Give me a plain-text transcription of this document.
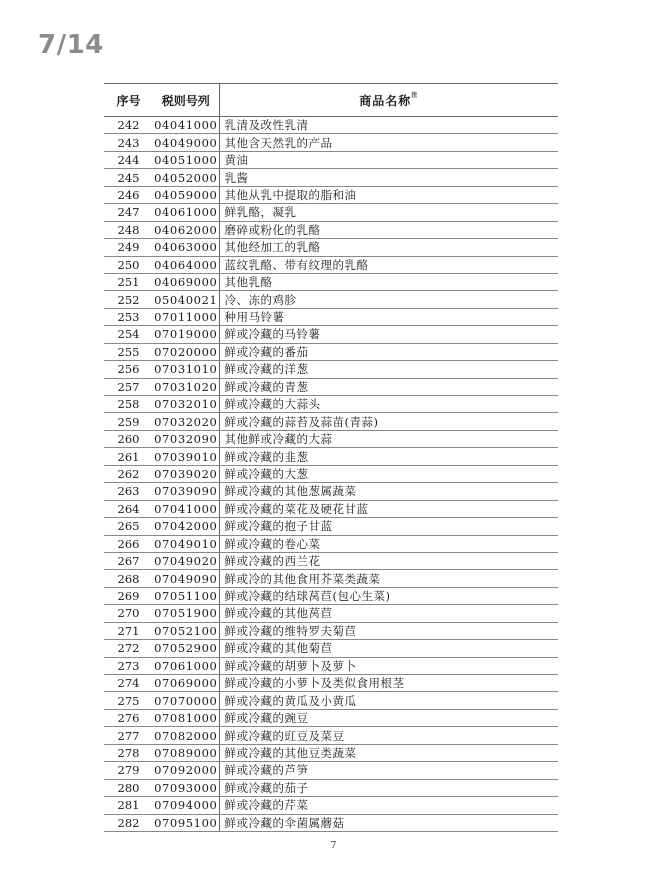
7/14
序号	税则号列	商品名称$^注$
242	04041000	乳清及改性乳清
243	04049000	其他含天然乳的产品
244	04051000	黄油
245	04052000	乳酱
246	04059000	其他从乳中提取的脂和油
247	04061000	鲜乳酪，凝乳
248	04062000	磨碎或粉化的乳酪
249	04063000	其他经加工的乳酪
250	04064000	蓝纹乳酪、带有纹理的乳酪
251	04069000	其他乳酪
252	05040021	冷、冻的鸡胗
253	07011000	种用马铃薯
254	07019000	鲜或冷藏的马铃薯
255	07020000	鲜或冷藏的番茄
256	07031010	鲜或冷藏的洋葱
257	07031020	鲜或冷藏的青葱
258	07032010	鲜或冷藏的大蒜头
259	07032020	鲜或冷藏的蒜苔及蒜苗(青蒜)
260	07032090	其他鲜或冷藏的大蒜
261	07039010	鲜或冷藏的韭葱
262	07039020	鲜或冷藏的大葱
263	07039090	鲜或冷藏的其他葱属蔬菜
264	07041000	鲜或冷藏的菜花及硬花甘蓝
265	07042000	鲜或冷藏的抱子甘蓝
266	07049010	鲜或冷藏的卷心菜
267	07049020	鲜或冷藏的西兰花
268	07049090	鲜或冷的其他食用芥菜类蔬菜
269	07051100	鲜或冷藏的结球莴苣(包心生菜)
270	07051900	鲜或冷藏的其他莴苣
271	07052100	鲜或冷藏的维特罗夫菊苣
272	07052900	鲜或冷藏的其他菊苣
273	07061000	鲜或冷藏的胡萝卜及萝卜
274	07069000	鲜或冷藏的小萝卜及类似食用根茎
275	07070000	鲜或冷藏的黄瓜及小黄瓜
276	07081000	鲜或冷藏的豌豆
277	07082000	鲜或冷藏的豇豆及菜豆
278	07089000	鲜或冷藏的其他豆类蔬菜
279	07092000	鲜或冷藏的芦笋
280	07093000	鲜或冷藏的茄子
281	07094000	鲜或冷藏的芹菜
282	07095100	鲜或冷藏的伞菌属蘑菇
7
